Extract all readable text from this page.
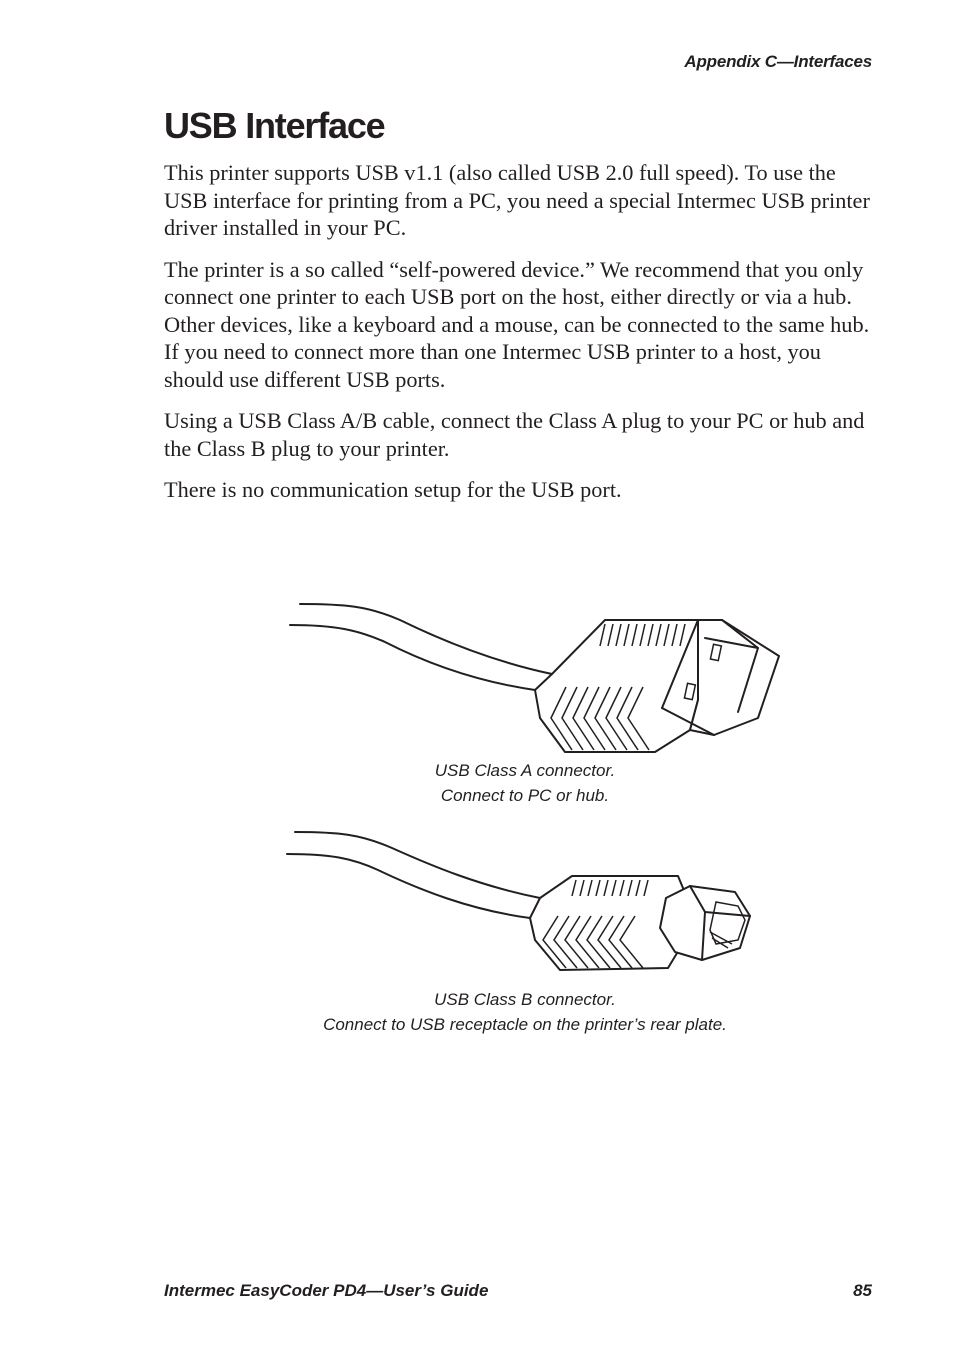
Appendix C—Interfaces
USB Interface

This printer supports USB v1.1 (also called USB 2.0 full speed). To use the USB interface for printing from a PC, you need a special Intermec USB printer driver installed in your PC.

The printer is a so called “self-powered device.” We recommend that you only connect one printer to each USB port on the host, either directly or via a hub. Other devices, like a keyboard and a mouse, can be connected to the same hub. If you need to connect more than one Intermec USB printer to a host, you should use different USB ports.

Using a USB Class A/B cable, connect the Class A plug to your PC or hub and the Class B plug to your printer.

There is no communication setup for the USB port.

USB Class A connector.
Connect to PC or hub.
USB Class B connector.
Connect to USB receptacle on the printer’s rear plate.
Intermec EasyCoder PD4—User’s Guide	85
